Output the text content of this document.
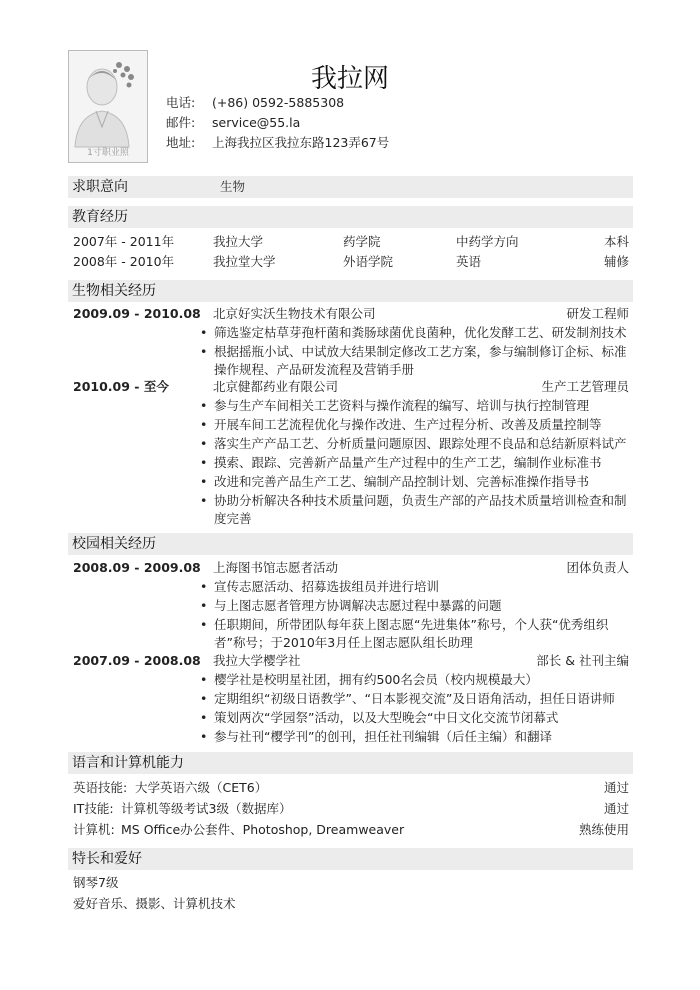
1寸职业照
我拉网
电话: (+86) 0592-5885308
邮件: service@55.la
地址: 上海我拉区我拉东路123弄67号
求职意向	生物
教育经历
2007年 - 2011年	我拉大学	药学院	中药学方向	本科
2008年 - 2010年	我拉堂大学	外语学院	英语	辅修
生物相关经历
2009.09 - 2010.08 北京好实沃生物技术有限公司	研发工程师
• 筛选鉴定枯草芽孢杆菌和粪肠球菌优良菌种，优化发酵工艺、研发制剂技术
• 根据摇瓶小试、中试放大结果制定修改工艺方案，参与编制修订企标、标准操作规程、产品研发流程及营销手册
2010.09 - 至今	北京健都药业有限公司	生产工艺管理员
• 参与生产车间相关工艺资料与操作流程的编写、培训与执行控制管理
• 开展车间工艺流程优化与操作改进、生产过程分析、改善及质量控制等
• 落实生产产品工艺、分析质量问题原因、跟踪处理不良品和总结新原料试产
• 摸索、跟踪、完善新产品量产生产过程中的生产工艺，编制作业标准书
• 改进和完善产品生产工艺、编制产品控制计划、完善标准操作指导书
• 协助分析解决各种技术质量问题，负责生产部的产品技术质量培训检查和制度完善
校园相关经历
2008.09 - 2009.08 上海图书馆志愿者活动	团体负责人
• 宣传志愿活动、招募选拔组员并进行培训
• 与上图志愿者管理方协调解决志愿过程中暴露的问题
• 任职期间，所带团队每年获上图志愿“先进集体”称号，个人获“优秀组织者”称号；于2010年3月任上图志愿队组长助理
2007.09 - 2008.08 我拉大学樱学社	部长 & 社刊主编
• 樱学社是校明星社团，拥有约500名会员（校内规模最大）
• 定期组织“初级日语教学”、“日本影视交流”及日语角活动，担任日语讲师
• 策划两次“学园祭”活动，以及大型晚会“中日文化交流节闭幕式
• 参与社刊“樱学刊”的创刊，担任社刊编辑（后任主编）和翻译
语言和计算机能力
英语技能: 大学英语六级（CET6）	通过
IT技能: 计算机等级考试3级（数据库）	通过
计算机: MS Office办公套件、Photoshop, Dreamweaver	熟练使用
特长和爱好
钢琴7级
爱好音乐、摄影、计算机技术
